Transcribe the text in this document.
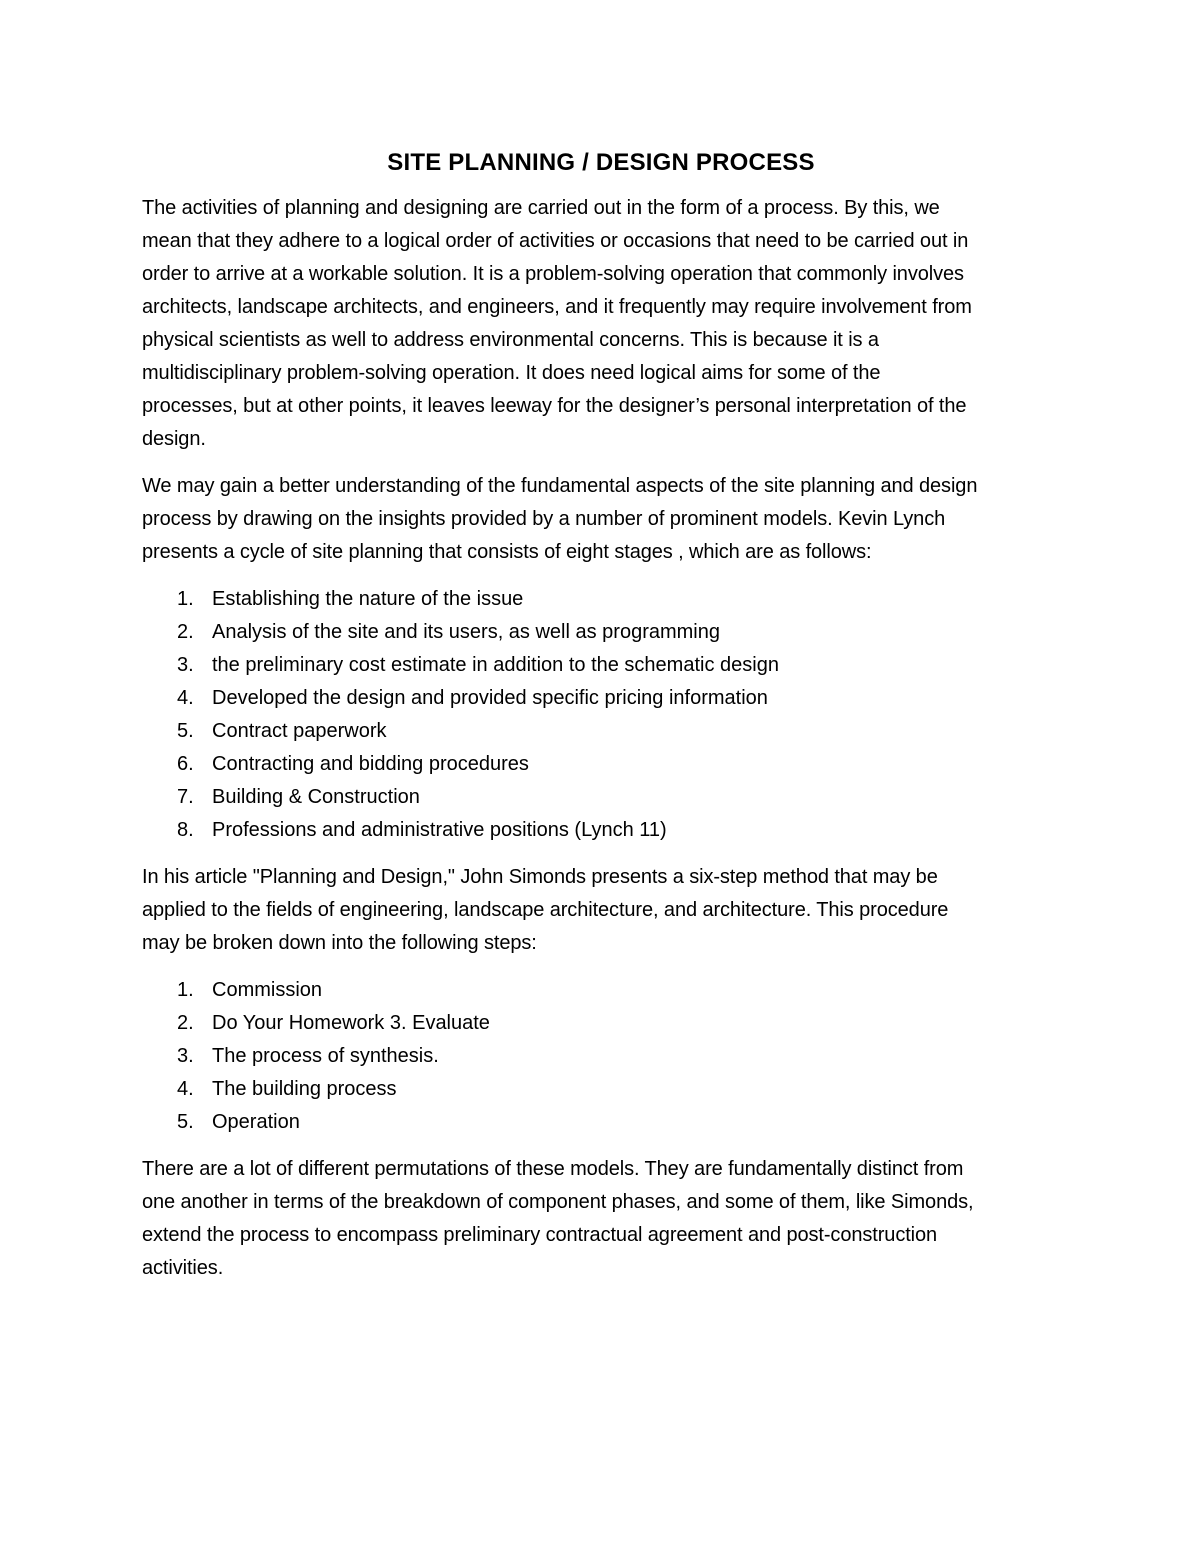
SITE PLANNING / DESIGN PROCESS

The activities of planning and designing are carried out in the form of a process. By this, we
mean that they adhere to a logical order of activities or occasions that need to be carried out in
order to arrive at a workable solution. It is a problem-solving operation that commonly involves
architects, landscape architects, and engineers, and it frequently may require involvement from
physical scientists as well to address environmental concerns. This is because it is a
multidisciplinary problem-solving operation. It does need logical aims for some of the
processes, but at other points, it leaves leeway for the designer’s personal interpretation of the
design.

We may gain a better understanding of the fundamental aspects of the site planning and design
process by drawing on the insights provided by a number of prominent models. Kevin Lynch
presents a cycle of site planning that consists of eight stages , which are as follows:

1. Establishing the nature of the issue
2. Analysis of the site and its users, as well as programming
3. the preliminary cost estimate in addition to the schematic design
4. Developed the design and provided specific pricing information
5. Contract paperwork
6. Contracting and bidding procedures
7. Building & Construction
8. Professions and administrative positions (Lynch 11)

In his article "Planning and Design," John Simonds presents a six-step method that may be
applied to the fields of engineering, landscape architecture, and architecture. This procedure
may be broken down into the following steps:

1. Commission
2. Do Your Homework 3. Evaluate
3. The process of synthesis.
4. The building process
5. Operation

There are a lot of different permutations of these models. They are fundamentally distinct from
one another in terms of the breakdown of component phases, and some of them, like Simonds,
extend the process to encompass preliminary contractual agreement and post-construction
activities.
